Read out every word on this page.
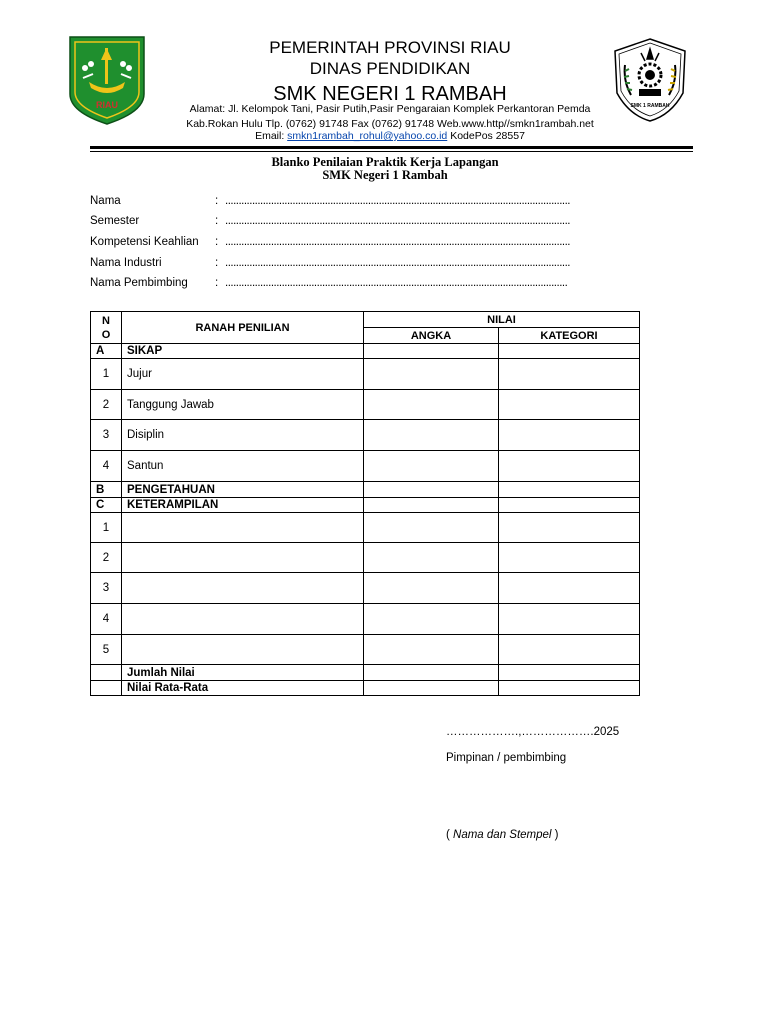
RIAU	SMK 1 RAMBAH
PEMERINTAH PROVINSI RIAU
DINAS PENDIDIKAN
SMK NEGERI 1 RAMBAH
Alamat: Jl. Kelompok Tani, Pasir Putih,Pasir Pengaraian Komplek Perkantoran Pemda
Kab.Rokan Hulu Tlp. (0762) 91748 Fax (0762) 91748 Web.www.http//smkn1rambah.net
Email: smkn1rambah_rohul@yahoo.co.id KodePos 28557
Blanko Penilaian Praktik Kerja Lapangan
SMK Negeri 1 Rambah
Nama	: ................................................................................................................................
Semester	: ................................................................................................................................
Kompetensi Keahlian : ................................................................................................................................
Nama Industri	: ................................................................................................................................
Nama Pembimbing : ...............................................................................................................................
N
O	RANAH PENILIAN	NILAI	
		ANGKA	KATEGORI
A	SIKAP		
1	Jujur		
2	Tanggung Jawab		
3	Disiplin		
4	Santun		
B	PENGETAHUAN		
C	KETERAMPILAN		
1			
2			
3			
4			
5			
	Jumlah Nilai		
	Nilai Rata-Rata		
……………….,……………….2025
Pimpinan / pembimbing
( Nama dan Stempel )
